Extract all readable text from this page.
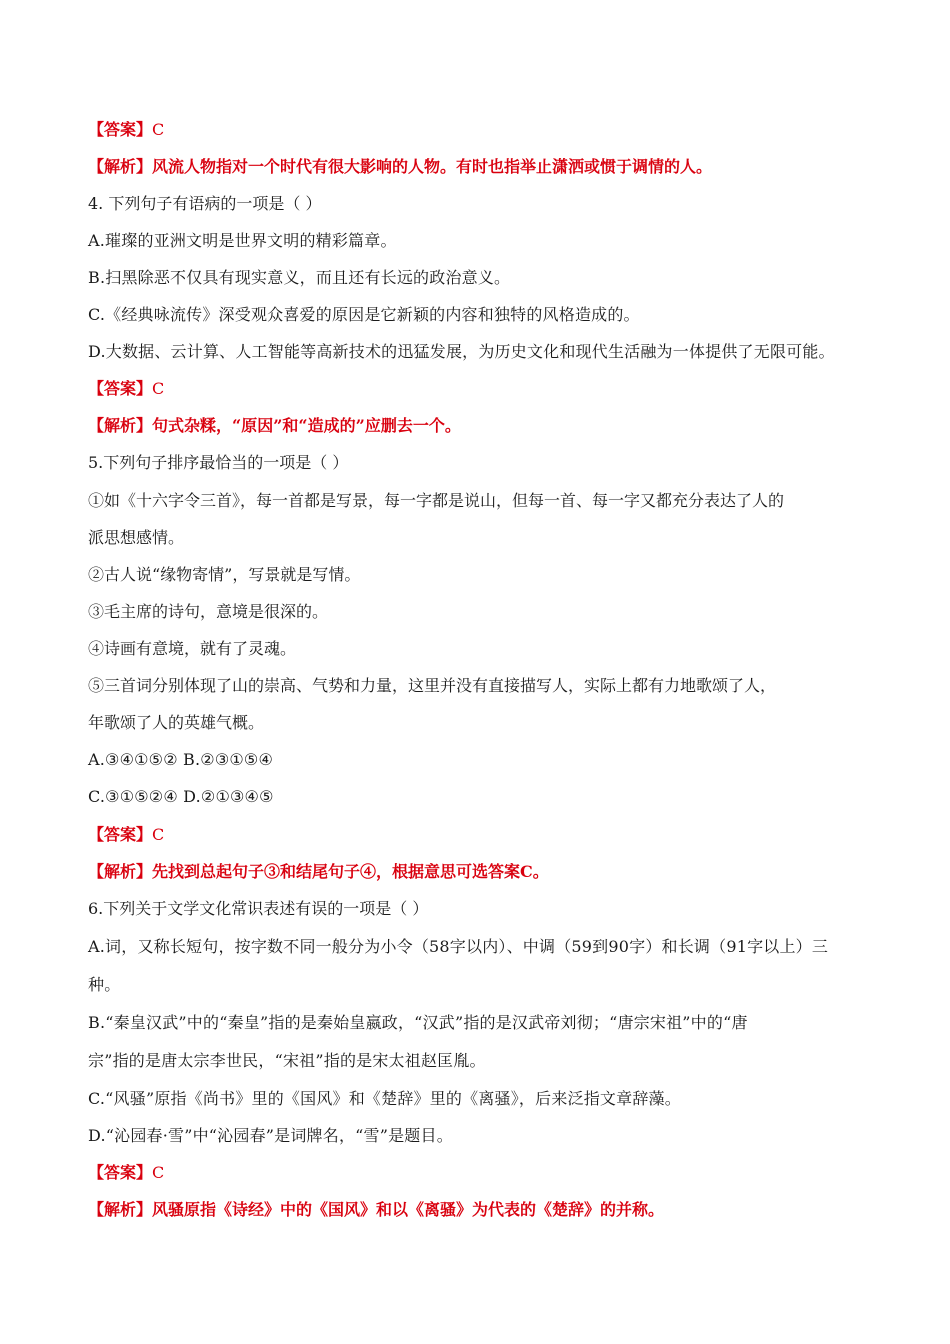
【答案】C
【解析】风流人物指对一个时代有很大影响的人物。有时也指举止潇洒或惯于调情的人。
4. 下列句子有语病的一项是（ ）
A.璀璨的亚洲文明是世界文明的精彩篇章。
B.扫黑除恶不仅具有现实意义，而且还有长远的政治意义。
C.《经典咏流传》深受观众喜爱的原因是它新颖的内容和独特的风格造成的。
D.大数据、云计算、人工智能等高新技术的迅猛发展，为历史文化和现代生活融为一体提供了无限可能。
【答案】C
【解析】句式杂糅，“原因”和“造成的”应删去一个。
5.下列句子排序最恰当的一项是（ ）
①如《十六字令三首》，每一首都是写景，每一字都是说山，但每一首、每一字又都充分表达了人的
派思想感情。
②古人说“缘物寄情”，写景就是写情。
③毛主席的诗句，意境是很深的。
④诗画有意境，就有了灵魂。
⑤三首词分别体现了山的崇高、气势和力量，这里并没有直接描写人，实际上都有力地歌颂了人，
年歌颂了人的英雄气概。
A.③④①⑤② B.②③①⑤④
C.③①⑤②④ D.②①③④⑤
【答案】C
【解析】先找到总起句子③和结尾句子④，根据意思可选答案C。
6.下列关于文学文化常识表述有误的一项是（ ）
A.词，又称长短句，按字数不同一般分为小令（58字以内）、中调（59到90字）和长调（91字以上）三
种。
B.“秦皇汉武”中的“秦皇”指的是秦始皇嬴政，“汉武”指的是汉武帝刘彻；“唐宗宋祖”中的“唐
宗”指的是唐太宗李世民，“宋祖”指的是宋太祖赵匡胤。
C.“风骚”原指《尚书》里的《国风》和《楚辞》里的《离骚》，后来泛指文章辞藻。
D.“沁园春·雪”中“沁园春”是词牌名，“雪”是题目。
【答案】C
【解析】风骚原指《诗经》中的《国风》和以《离骚》为代表的《楚辞》的并称。
